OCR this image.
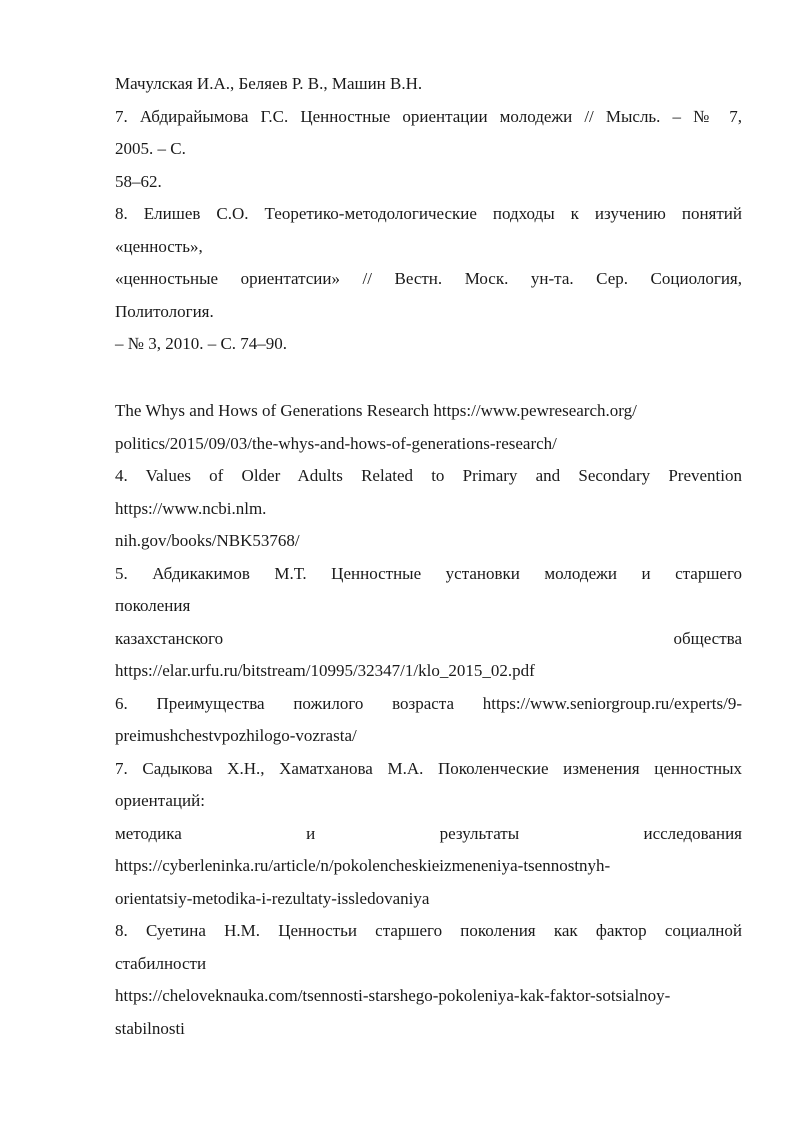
Мачулская И.А., Беляев Р. В., Машин В.Н.
7. Абдирайымова Г.С. Ценностные ориентации молодежи // Мысль. – № 7,
2005. – С.
58–62.
8. Елишев С.О. Теоретико-методологические подходы к изучению понятий
«ценность»,
«ценностьные ориентатсии» // Вестн. Моск. ун-та. Сер. Социология,
Политология.
– № 3, 2010. – С. 74–90.
The Whys and Hows of Generations Research https://www.pewresearch.org/
politics/2015/09/03/the-whys-and-hows-of-generations-research/
4. Values of Older Adults Related to Primary and Secondary Prevention
https://www.ncbi.nlm.
nih.gov/books/NBK53768/
5. Абдикакимов М.Т. Ценностные установки молодежи и старшего
поколения
казахстанского общества
https://elar.urfu.ru/bitstream/10995/32347/1/klo_2015_02.pdf
6. Преимущества пожилого возраста https://www.seniorgroup.ru/experts/9-
preimushchestvpozhilogo-vozrasta/
7. Садыкова Х.Н., Хаматханова М.А. Поколенческие изменения ценностных
ориентаций:
методика и результаты исследования
https://cyberleninka.ru/article/n/pokolencheskieizmeneniya-tsennostnyh-
orientatsiy-metodika-i-rezultaty-issledovaniya
8. Суетина Н.М. Ценностьи старшего поколения как фактор социалной
стабилности
https://cheloveknauka.com/tsennosti-starshego-pokoleniya-kak-faktor-sotsialnoy-
stabilnosti
